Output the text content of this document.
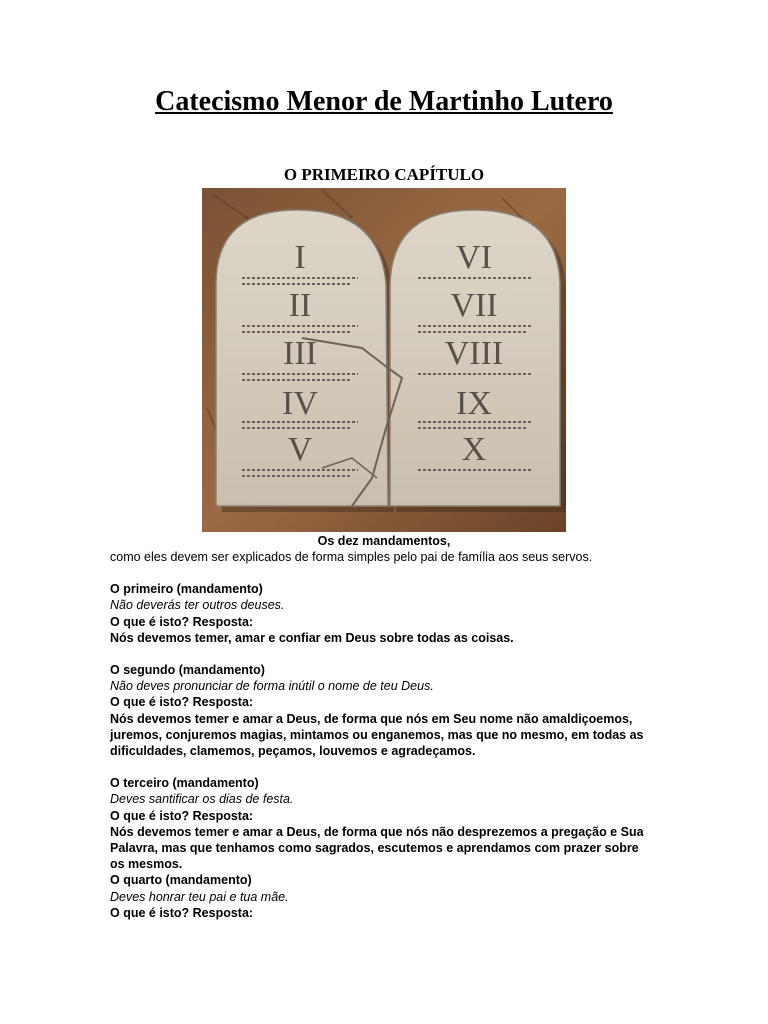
Catecismo Menor de Martinho Lutero
O PRIMEIRO CAPÍTULO
I
II
III
IV
V
VI
VII
VIII
IX
X
Os dez mandamentos,

como eles devem ser explicados de forma simples pelo pai de família aos seus servos.

O primeiro (mandamento)

Não deverás ter outros deuses.

O que é isto? Resposta:

Nós devemos temer, amar e confiar em Deus sobre todas as coisas.

O segundo (mandamento)

Não deves pronunciar de forma inútil o nome de teu Deus.

O que é isto? Resposta:

Nós devemos temer e amar a Deus, de forma que nós em Seu nome não amaldiçoemos, juremos, conjuremos magias, mintamos ou enganemos, mas que no mesmo, em todas as dificuldades, clamemos, peçamos, louvemos e agradeçamos.

O terceiro (mandamento)

Deves santificar os dias de festa.

O que é isto? Resposta:

Nós devemos temer e amar a Deus, de forma que nós não desprezemos a pregação e Sua Palavra, mas que tenhamos como sagrados, escutemos e aprendamos com prazer sobre os mesmos.

O quarto (mandamento)

Deves honrar teu pai e tua mãe.

O que é isto? Resposta:
